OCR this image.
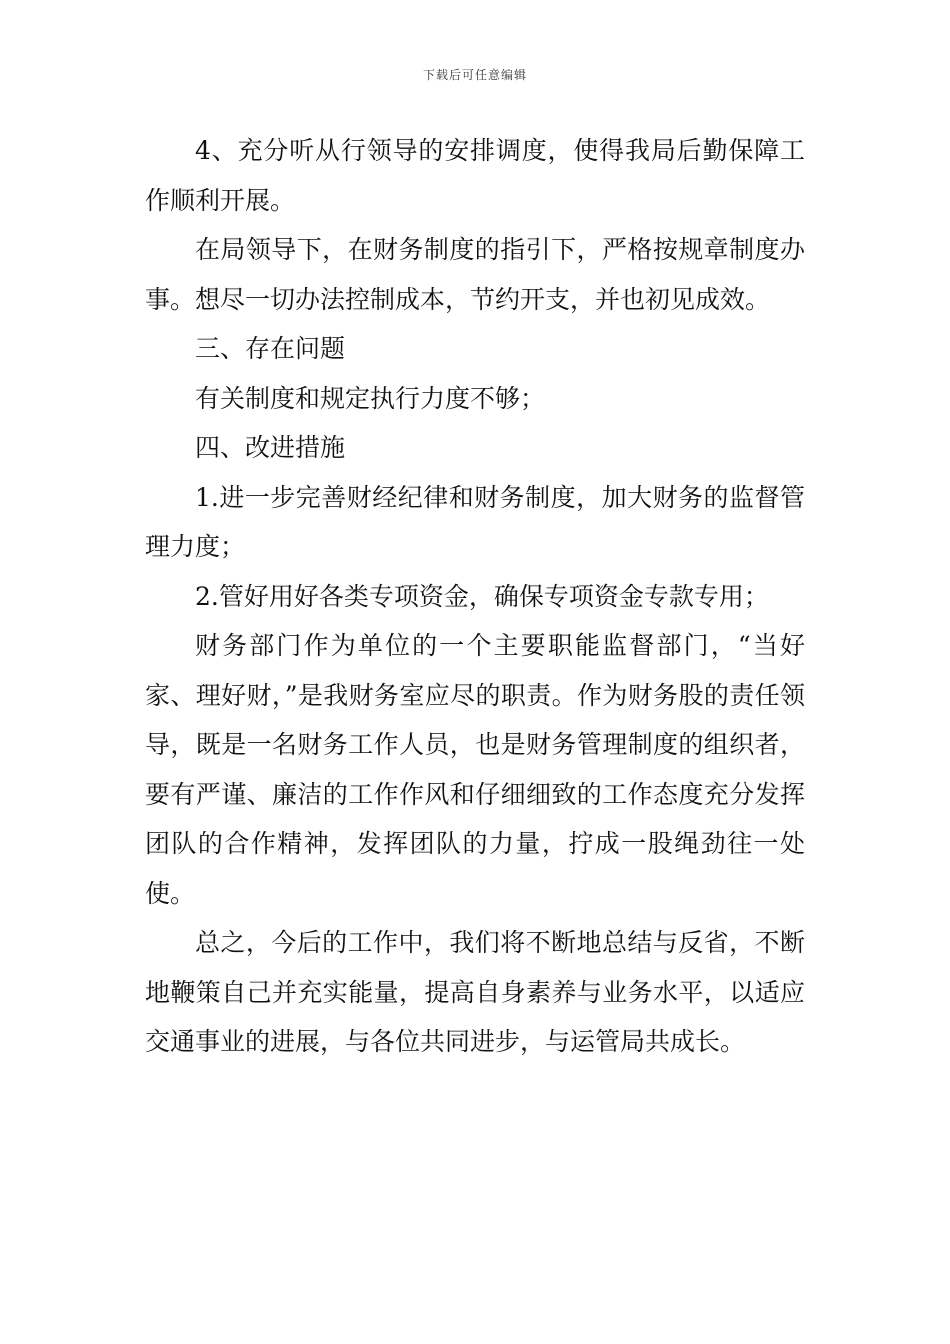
下载后可任意编辑

4、充分听从行领导的安排调度，使得我局后勤保障工作顺利开展。

在局领导下，在财务制度的指引下，严格按规章制度办事。想尽一切办法控制成本，节约开支，并也初见成效。

三、存在问题

有关制度和规定执行力度不够；

四、改进措施

1.进一步完善财经纪律和财务制度，加大财务的监督管理力度；

2.管好用好各类专项资金，确保专项资金专款专用；

财务部门作为单位的一个主要职能监督部门，“当好家、理好财，”是我财务室应尽的职责。作为财务股的责任领导，既是一名财务工作人员，也是财务管理制度的组织者，要有严谨、廉洁的工作作风和仔细细致的工作态度充分发挥团队的合作精神，发挥团队的力量，拧成一股绳劲往一处使。

总之，今后的工作中，我们将不断地总结与反省，不断地鞭策自己并充实能量，提高自身素养与业务水平，以适应交通事业的进展，与各位共同进步，与运管局共成长。
